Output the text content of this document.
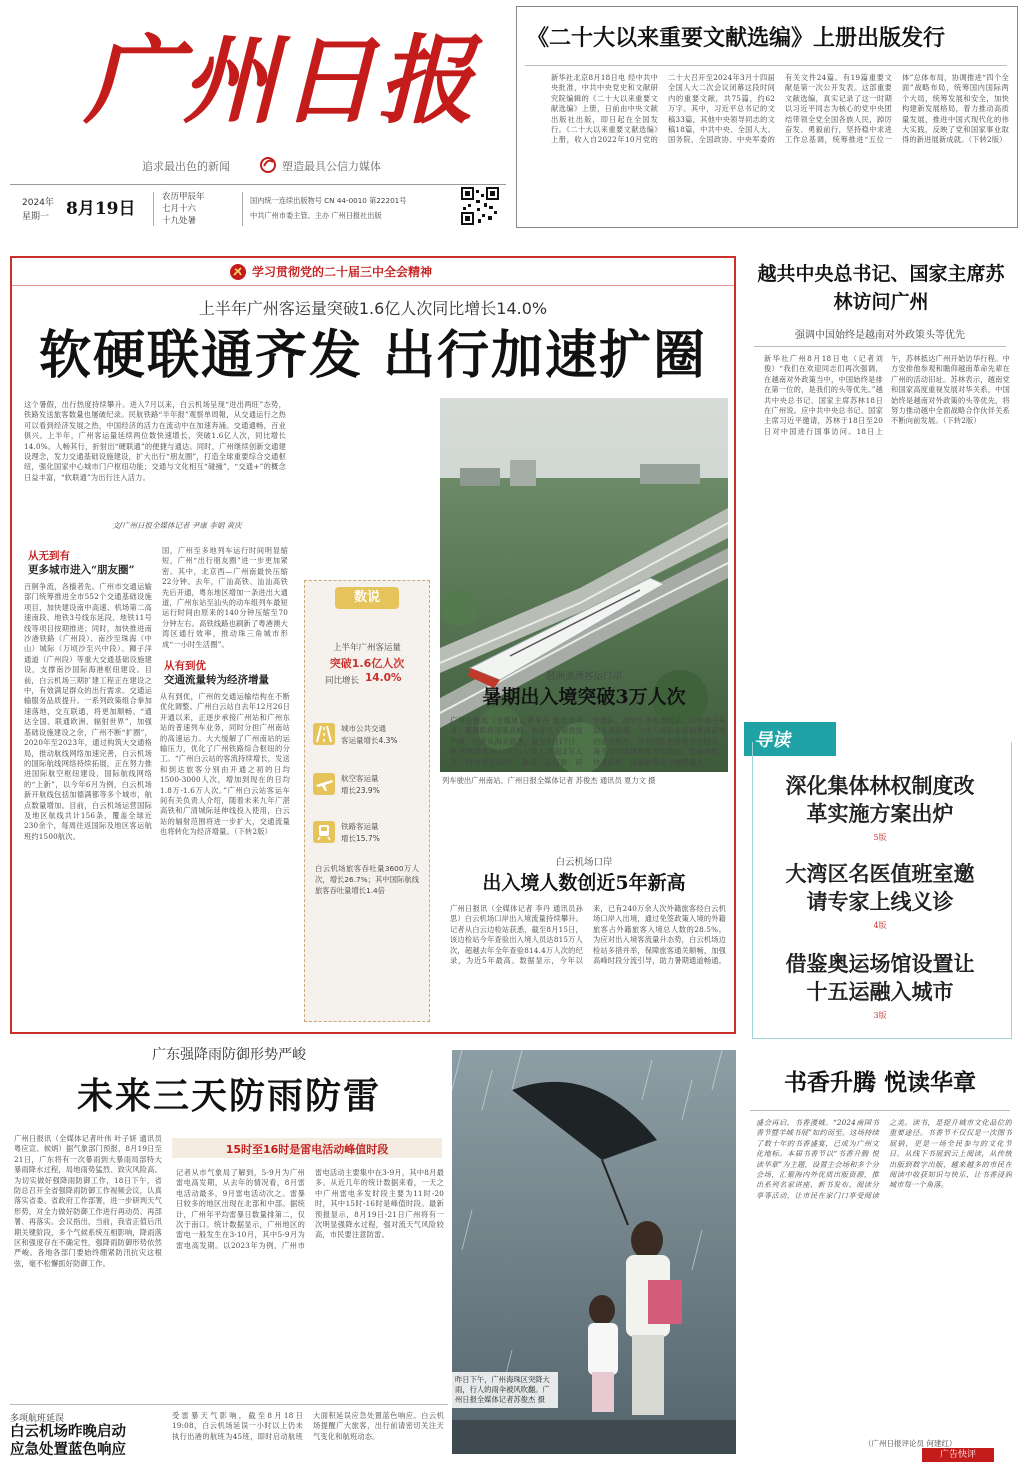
广州日报
追求最出色的新闻	塑造最具公信力媒体
2024年
星期一 8月19日
农历甲辰年
七月十六
十九处暑
国内统一连续出版物号 CN 44-0010 第22201号
中共广州市委主管、主办 广州日报社出版
《二十大以来重要文献选编》上册出版发行
新华社北京8月18日电 经中共中央批准，中共中央党史和文献研究院编辑的《二十大以来重要文献选编》上册，日前由中央文献出版社出版，即日起在全国发行。《二十大以来重要文献选编》上册，收入自2022年10月党的二十大召开至2024年3月十四届全国人大二次会议闭幕这段时间内的重要文献，共75篇，约62万字。其中，习近平总书记的文稿33篇，其他中央领导同志的文稿18篇，中共中央、全国人大、国务院、全国政协、中央军委的有关文件24篇。有19篇重要文献是第一次公开发表。这部重要文献选编，真实记录了这一时期以习近平同志为核心的党中央团结带领全党全国各族人民，踔厉奋发、勇毅前行，坚持稳中求进工作总基调，统筹推进“五位一体”总体布局，协调推进“四个全面”战略布局，统筹国内国际两个大局，统筹发展和安全，加快构建新发展格局，着力推动高质量发展，推进中国式现代化的伟大实践，反映了党和国家事业取得的新进展新成就。（下转2版）
学习贯彻党的二十届三中全会精神
上半年广州客运量突破1.6亿人次同比增长14.0%
软硬联通齐发 出行加速扩圈
这个暑假，出行热度持续攀升。进入7月以来，白云机场呈现“进出两旺”态势，铁路发送旅客数量也屡破纪录。民航铁路“半年报”观察单周報，从交通运行之热可以看到经济发展之热，中国经济的活力在流动中在加速奔涌。交通通畅，百业俱兴。上半年，广州客运量延续两位数快速增长，突破1.6亿人次，同比增长14.0%。人畅其行，折射出“硬联通”的便捷与通达。同时，广州继续创新交通建设理念，发力交通基础设施建设，扩大出行“朋友圈”，打造全球重要综合交通枢纽，强化国家中心城市门户枢纽功能；交通与文化相互“碰撞”，“交通+”的概念日益丰富，“软联通”为出行注入活力。
文/广州日报全媒体记者 尹康 李娟 黄庆
列车驶出广州南站。广州日报全媒体记者 苏俊杰 通讯员 夏力文 摄
从无到有
更多城市进入“朋友圈”
百舸争流，各樯者先。广州市交通运输部门统筹推进全市552个交通基础设施项目，加快建设南中高速、机场第二高速南段、地铁3号线东延段、地铁11号线等项目按期推进；同时，加快推进南沙港铁路（广州段）、南沙至珠海（中山）城际（万顷沙至兴中段）、狮子洋通道（广州段）等重大交通基础设施建设，支撑南沙国际海港枢纽建设。目前，白云机场三期扩建工程正在建设之中，有效满足群众的出行需求。交通运输服务品质提升。一系列政策组合拳加速落地，交互联通，将更加顺畅。“通达全国、联通欧洲、辐射世界”，加强基础设施建设之余，广州不断“扩圈”，2020年至2023年，通过构筑大交通格局，推动航线网络加速完善，白云机场的国际航线网络持续拓展，正在努力推进国际航空枢纽建设，国际航线网络的“上新”，以今年6月为例，白云机场新开航线包括加德满都等多个城市，航点数量增加。目前，白云机场运营国际及地区航线共计156条，覆盖全球近230余个，每周往返国际及地区客运航班约1500航次。
国，广州至多地列车运行时间明显缩短，广州“出行朋友圈”进一步更加紧密。其中，北京西—广州南最快压缩22分钟。去年，广汕高铁、汕汕高铁先后开通，粤东地区增加一条进出大通道，广州东站至汕头的动车组列车最短运行时间由原来的140分钟压缩至70分钟左右。高铁线路也刷新了粤港澳大湾区通行效率，推动珠三角城市形成“一小时生活圈”。
从有到优
交通流量转为经济增量
从有到优，广州的交通运输结构在不断优化调整。广州白云站自去年12月26日开通以来，正逐步承接广州站和广州东站的普速列车业务，同时分担广州南站的高速运力。大大缓解了广州南站的运输压力，优化了广州铁路综合枢纽的分工。“广州白云站的客流持续增长，发送和到达旅客分别由开通之初的日均1500-3000人次，增加到现在的日均1.8万-1.6万人次。”广州白云站客运车间有关负责人介绍，随着未来九年广湛高铁和广清城际延伸线投入使用，白云站的辐射范围将进一步扩大，交通流量也将转化为经济增量。（下转2版）
数说
上半年广州客运量
突破1.6亿人次
同比增长 14.0%
城市公共交通
客运量增长4.3%
航空客运量
增长23.9%
铁路客运量
增长15.7%
白云机场旅客吞吐量3600万人次，增长26.7%；其中国际航线旅客吞吐量增长1.4倍
琶洲港澳客运口岸
暑期出入境突破3万人次
广州日报讯（全媒体记者李丹 通讯员李青）暑期即将迎来高峰，旅客出入境热度不减。记者从海关获悉，截至8月17日，琶洲港澳客运口岸出入境人员超3万人次，同比增长66%。暑期，家庭游、研学团队、游学生等客流增多，口岸海关采取多项措施，为出入境旅客提供便捷高效的通关服务。针对团队旅游客多的特点，海关设立团体旅客专用通道，提前申报、快速验放，保障旅客安全便捷通关。
白云机场口岸
出入境人数创近5年新高
广州日报讯（全媒体记者 李丹 通讯员孙思）白云机场口岸出入境流量持续攀升。记者从白云边检站获悉，截至8月15日，该边检站今年查验出入境人员达815万人次，超越去年全年查验814.4万人次的纪录，为近5年最高。数据显示，今年以来，已有240万余人次外籍旅客经白云机场口岸入出境，通过免签政策入境的外籍旅客占外籍旅客入境总人数的28.5%。为应对出入境客流量升态势，白云机场边检站多措并举，保障旅客通关顺畅，加强高峰时段分流引导，助力暑期通道畅通。
越共中央总书记、国家主席苏林访问广州
强调中国始终是越南对外政策头等优先
新华社广州8月18日电（记者刘俊）“我们在欢迎同志们再次强调，在越南对外政策当中，中国始终是排在第一位的，是我们的头等优先。”越共中央总书记、国家主席苏林18日在广州说。应中共中央总书记、国家主席习近平邀请，苏林于18日至20日对中国进行国事访问。18日上午，苏林抵达广州开始访华行程。中方安排他参观和瞻仰越南革命先辈在广州的活动旧址。苏林表示，越南党和国家高度重视发展对华关系，中国始终是越南对外政策的头等优先，将努力推动越中全面战略合作伙伴关系不断向前发展。（下转2版）
导读
深化集体林权制度改革实施方案出炉
5版
大湾区名医值班室邀请专家上线义诊
4版
借鉴奥运场馆设置让十五运融入城市
3版
广东强降雨防御形势严峻
未来三天防雨防雷
广州日报讯（全媒体记者叶伟 叶子妍 通讯员粤应宣、候炳）据气象部门预报，8月19日至21日，广东将有一次暴雨到大暴雨局部特大暴雨降水过程，局地雨势猛烈、致灾风险高。为切实做好强降雨防御工作，18日下午，省防总召开全省强降雨防御工作视频会议，认真落实省委、省政府工作部署，进一步研判天气形势，对全力做好防御工作进行再动员、再部署、再落实。会议指出，当前，我省正值后汛期关键阶段，多个气候系统互相影响，降雨落区和强度存在不确定性，强降雨防御形势依然严峻。各地各部门要始终绷紧防汛抗灾这根弦，毫不松懈抓好防御工作。
15时至16时是雷电活动峰值时段
记者从市气象局了解到，5-9月为广州雷电高发期，从去年的情况看，8月雷电活动最多，9月雷电活动次之。雷暴日较多的地区出现在北部和中部。据统计，广州年平均雷暴日数量排第二，仅次于南口。统计数据显示，广州地区的雷电一般发生在3-10月，其中5-9月为雷电高发期。以2023年为例，广州市雷电活动主要集中在3-9月，其中8月最多。从近几年的统计数据来看，一天之中广州雷电多发时段主要为11时-20时，其中15时-16时是峰值时段。最新预报显示，8月19日-21日广州将有一次明显强降水过程，强对流天气风险较高，市民要注意防雷。
昨日下午，广州海珠区突降大雨，行人的雨伞被风吹翻。广州日报全媒体记者苏俊杰 摄
多项航班延误
白云机场昨晚启动
应急处置蓝色响应
受雷暴天气影响，截至8月18日19:08，白云机场延误一小时以上仍未执行出港的航班为45班，即时启动航班大面积延误应急处置蓝色响应。白云机场提醒广大旅客，出行前请密切关注天气变化和航班动态。
书香升腾 悦读华章
盛会再启，书香漫城。“2024南国书香节暨羊城书展”如约而至。这场持续了数十年的书香盛宴，已成为广州文化地标。本届书香节以“书香升腾 悦读华章”为主题，设置主会场和多个分会场，汇聚海内外优质出版资源，推出系列名家讲座、新书发布、阅读分享等活动，让市民在家门口享受阅读之美。读书，是提升城市文化品位的重要途径。书香节不仅仅是一次图书展销，更是一场全民参与的文化节日。从线下书展到云上阅读，从传统出版到数字出版，越来越多的市民在阅读中收获知识与快乐，让书香浸润城市每一个角落。
（广州日报评论员 何建红）
广告快评
